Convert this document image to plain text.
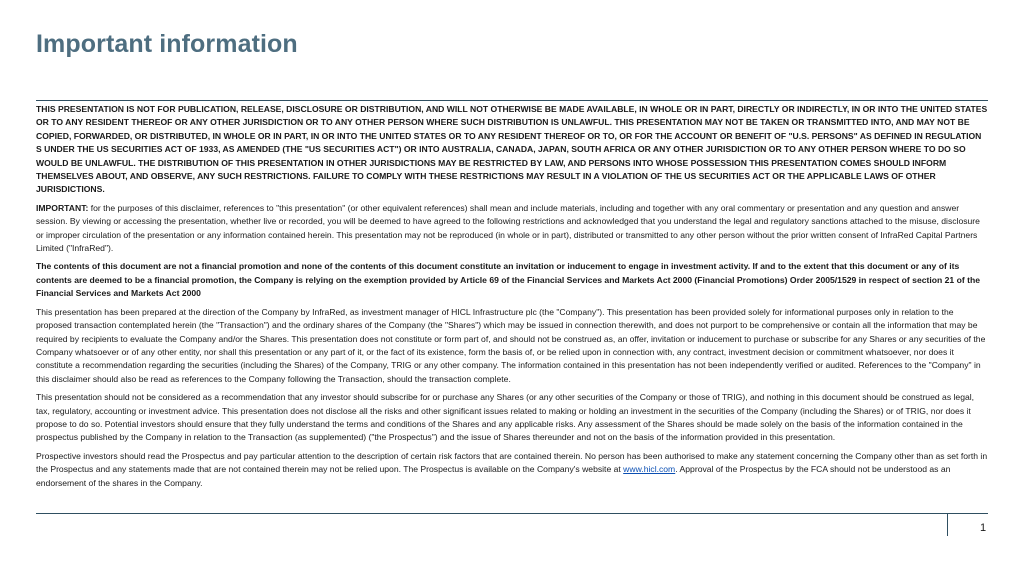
Important information

THIS PRESENTATION IS NOT FOR PUBLICATION, RELEASE, DISCLOSURE OR DISTRIBUTION, AND WILL NOT OTHERWISE BE MADE AVAILABLE, IN WHOLE OR IN PART, DIRECTLY OR INDIRECTLY, IN OR INTO THE UNITED STATES OR TO ANY RESIDENT THEREOF OR ANY OTHER JURISDICTION OR TO ANY OTHER PERSON WHERE SUCH DISTRIBUTION IS UNLAWFUL. THIS PRESENTATION MAY NOT BE TAKEN OR TRANSMITTED INTO, AND MAY NOT BE COPIED, FORWARDED, OR DISTRIBUTED, IN WHOLE OR IN PART, IN OR INTO THE UNITED STATES OR TO ANY RESIDENT THEREOF OR TO, OR FOR THE ACCOUNT OR BENEFIT OF "U.S. PERSONS" AS DEFINED IN REGULATION S UNDER THE US SECURITIES ACT OF 1933, AS AMENDED (THE "US SECURITIES ACT") OR INTO AUSTRALIA, CANADA, JAPAN, SOUTH AFRICA OR ANY OTHER JURISDICTION OR TO ANY OTHER PERSON WHERE TO DO SO WOULD BE UNLAWFUL. THE DISTRIBUTION OF THIS PRESENTATION IN OTHER JURISDICTIONS MAY BE RESTRICTED BY LAW, AND PERSONS INTO WHOSE POSSESSION THIS PRESENTATION COMES SHOULD INFORM THEMSELVES ABOUT, AND OBSERVE, ANY SUCH RESTRICTIONS. FAILURE TO COMPLY WITH THESE RESTRICTIONS MAY RESULT IN A VIOLATION OF THE US SECURITIES ACT OR THE APPLICABLE LAWS OF OTHER JURISDICTIONS.

IMPORTANT: for the purposes of this disclaimer, references to "this presentation" (or other equivalent references) shall mean and include materials, including and together with any oral commentary or presentation and any question and answer session. By viewing or accessing the presentation, whether live or recorded, you will be deemed to have agreed to the following restrictions and acknowledged that you understand the legal and regulatory sanctions attached to the misuse, disclosure or improper circulation of the presentation or any information contained herein. This presentation may not be reproduced (in whole or in part), distributed or transmitted to any other person without the prior written consent of InfraRed Capital Partners Limited ("InfraRed").

The contents of this document are not a financial promotion and none of the contents of this document constitute an invitation or inducement to engage in investment activity. If and to the extent that this document or any of its contents are deemed to be a financial promotion, the Company is relying on the exemption provided by Article 69 of the Financial Services and Markets Act 2000 (Financial Promotions) Order 2005/1529 in respect of section 21 of the Financial Services and Markets Act 2000

This presentation has been prepared at the direction of the Company by InfraRed, as investment manager of HICL Infrastructure plc (the "Company"). This presentation has been provided solely for informational purposes only in relation to the proposed transaction contemplated herein (the "Transaction") and the ordinary shares of the Company (the "Shares") which may be issued in connection therewith, and does not purport to be comprehensive or contain all the information that may be required by recipients to evaluate the Company and/or the Shares. This presentation does not constitute or form part of, and should not be construed as, an offer, invitation or inducement to purchase or subscribe for any Shares or any securities of the Company whatsoever or of any other entity, nor shall this presentation or any part of it, or the fact of its existence, form the basis of, or be relied upon in connection with, any contract, investment decision or commitment whatsoever, nor does it constitute a recommendation regarding the securities (including the Shares) of the Company, TRIG or any other company. The information contained in this presentation has not been independently verified or audited. References to the "Company" in this disclaimer should also be read as references to the Company following the Transaction, should the transaction complete.

This presentation should not be considered as a recommendation that any investor should subscribe for or purchase any Shares (or any other securities of the Company or those of TRIG), and nothing in this document should be construed as legal, tax, regulatory, accounting or investment advice. This presentation does not disclose all the risks and other significant issues related to making or holding an investment in the securities of the Company (including the Shares) or of TRIG, nor does it propose to do so. Potential investors should ensure that they fully understand the terms and conditions of the Shares and any applicable risks. Any assessment of the Shares should be made solely on the basis of the information contained in the prospectus published by the Company in relation to the Transaction (as supplemented) ("the Prospectus") and the issue of Shares thereunder and not on the basis of the information provided in this presentation.

Prospective investors should read the Prospectus and pay particular attention to the description of certain risk factors that are contained therein. No person has been authorised to make any statement concerning the Company other than as set forth in the Prospectus and any statements made that are not contained therein may not be relied upon. The Prospectus is available on the Company's website at www.hicl.com. Approval of the Prospectus by the FCA should not be understood as an endorsement of the shares in the Company.

1
